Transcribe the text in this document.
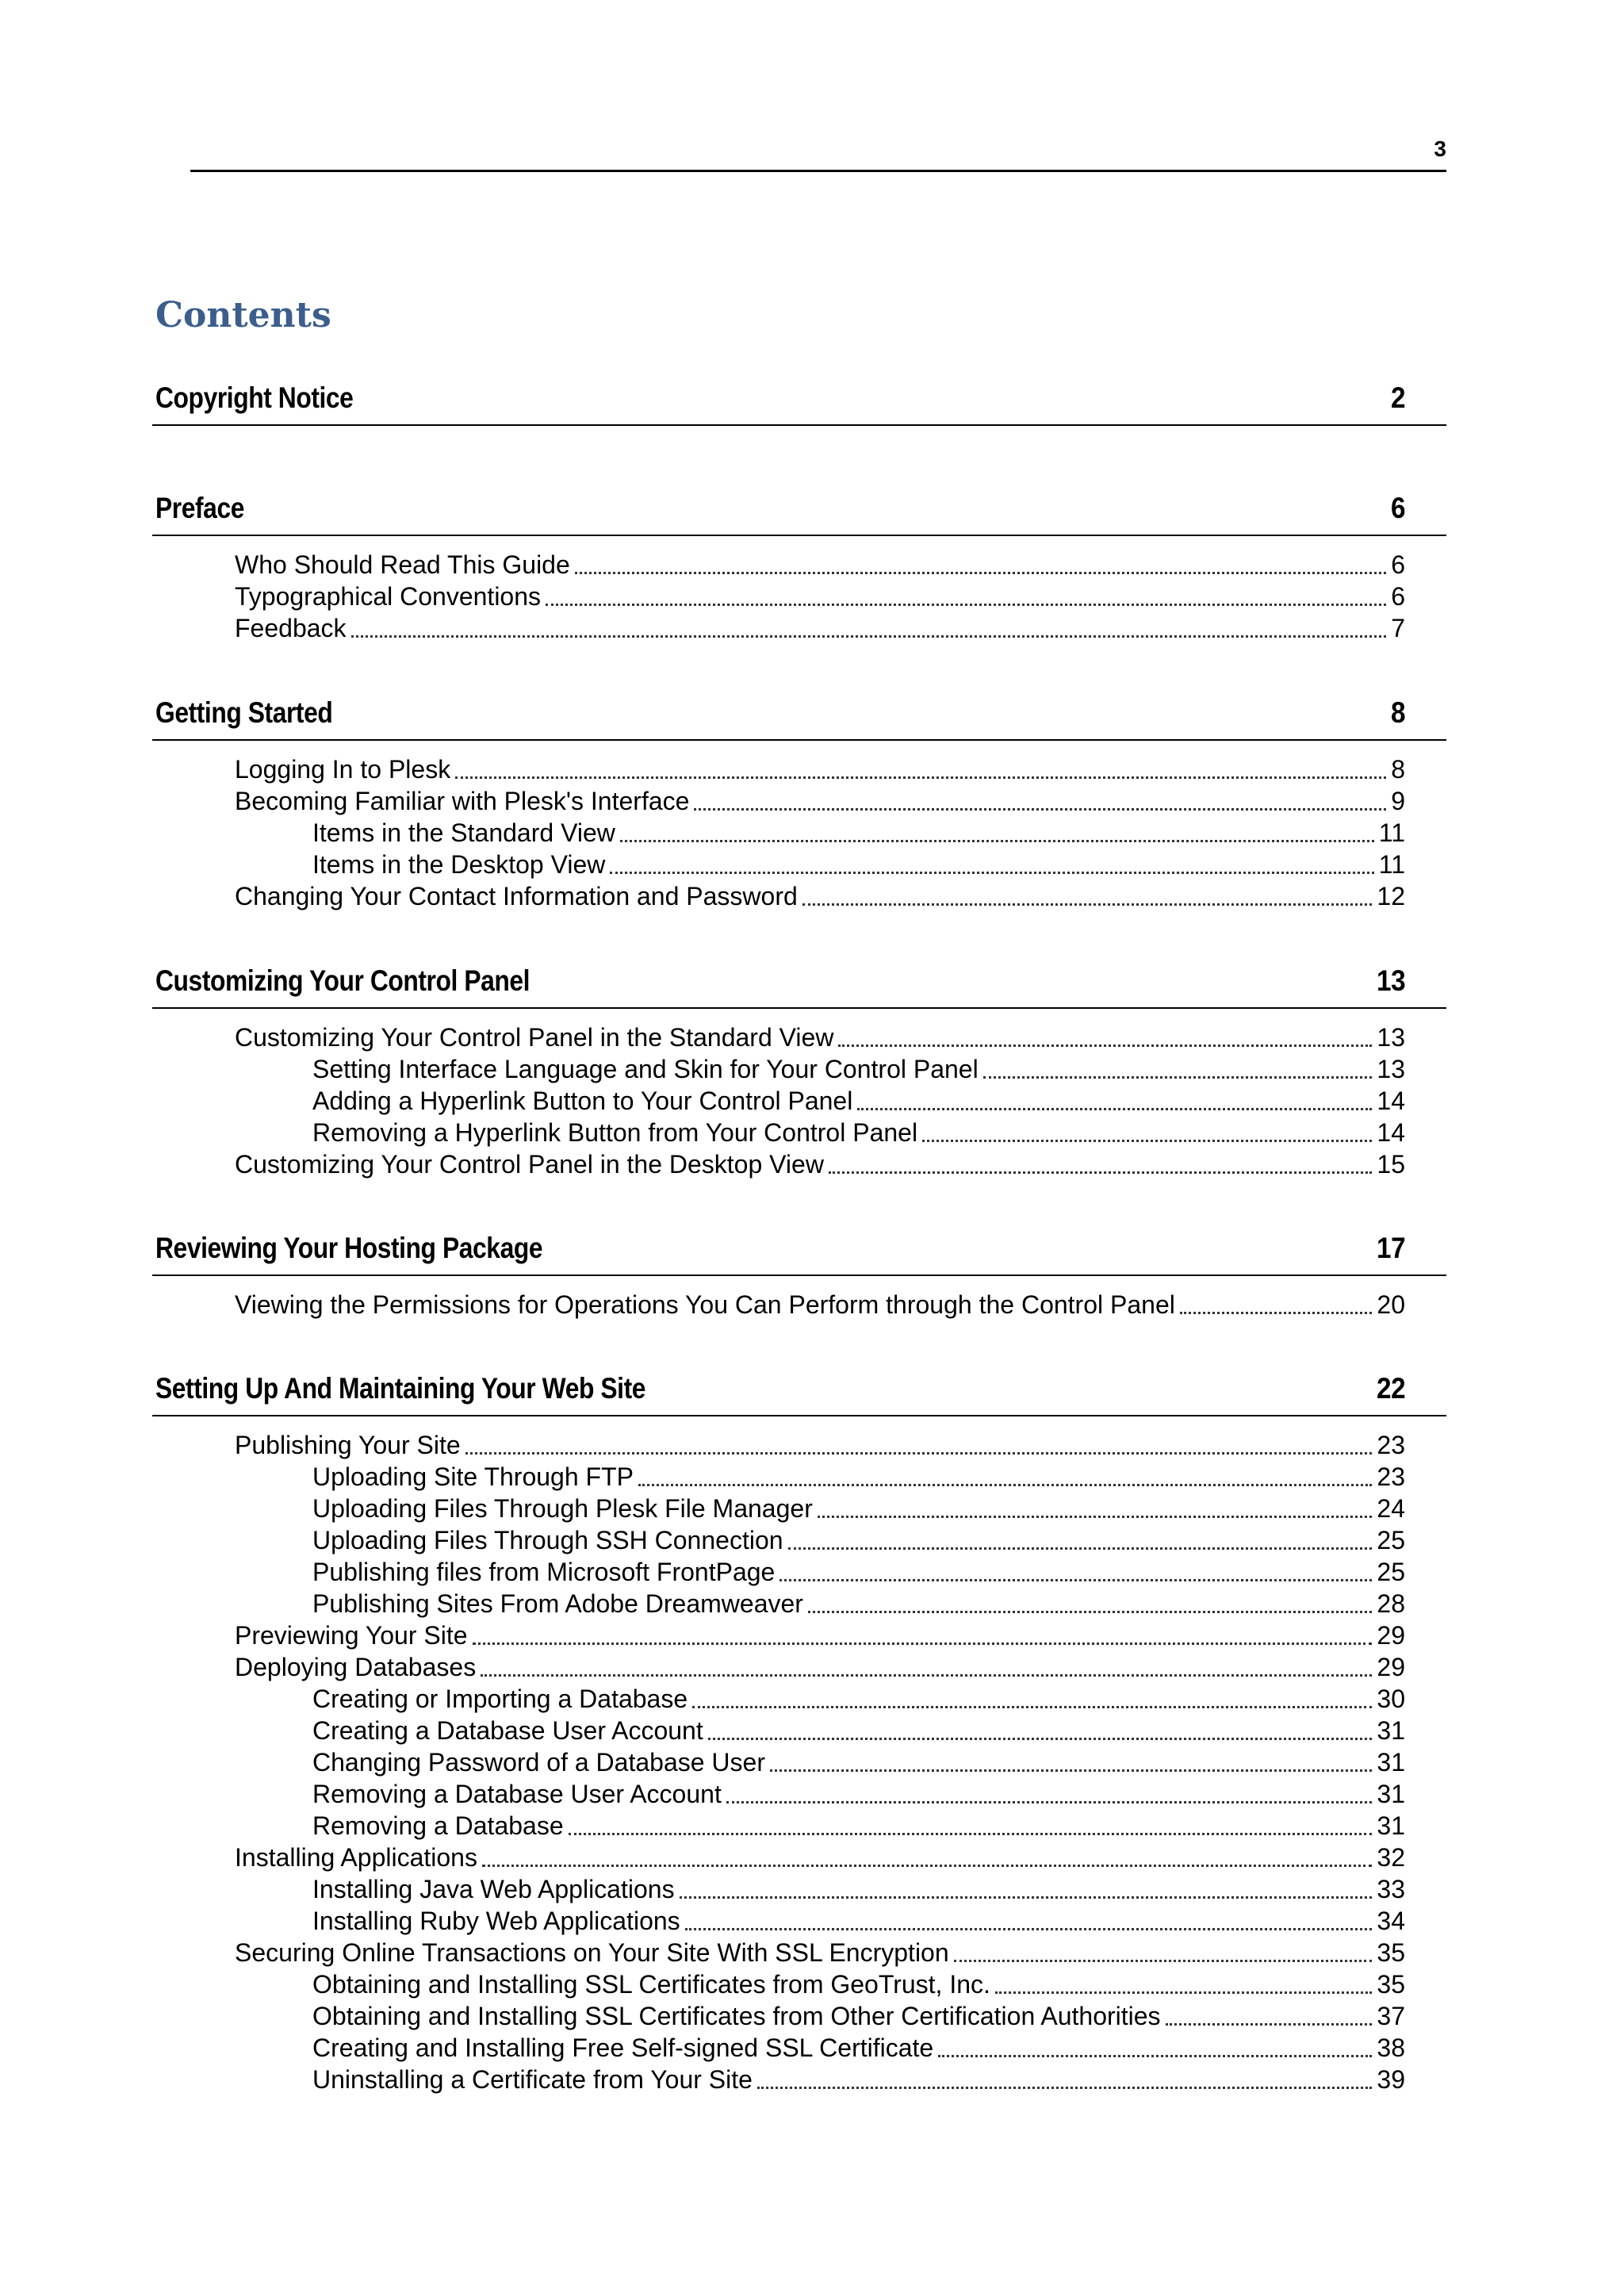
3
Contents
Copyright Notice	2
Preface	6
Who Should Read This Guide	6
Typographical Conventions	6
Feedback	7
Getting Started	8
Logging In to Plesk	8
Becoming Familiar with Plesk's Interface	9
Items in the Standard View	11
Items in the Desktop View	11
Changing Your Contact Information and Password	12
Customizing Your Control Panel	13
Customizing Your Control Panel in the Standard View	13
Setting Interface Language and Skin for Your Control Panel	13
Adding a Hyperlink Button to Your Control Panel	14
Removing a Hyperlink Button from Your Control Panel	14
Customizing Your Control Panel in the Desktop View	15
Reviewing Your Hosting Package	17
Viewing the Permissions for Operations You Can Perform through the Control Panel	20
Setting Up And Maintaining Your Web Site	22
Publishing Your Site	23
Uploading Site Through FTP	23
Uploading Files Through Plesk File Manager	24
Uploading Files Through SSH Connection	25
Publishing files from Microsoft FrontPage	25
Publishing Sites From Adobe Dreamweaver	28
Previewing Your Site	29
Deploying Databases	29
Creating or Importing a Database	30
Creating a Database User Account	31
Changing Password of a Database User	31
Removing a Database User Account	31
Removing a Database	31
Installing Applications	32
Installing Java Web Applications	33
Installing Ruby Web Applications	34
Securing Online Transactions on Your Site With SSL Encryption	35
Obtaining and Installing SSL Certificates from GeoTrust, Inc.	35
Obtaining and Installing SSL Certificates from Other Certification Authorities	37
Creating and Installing Free Self-signed SSL Certificate	38
Uninstalling a Certificate from Your Site	39
